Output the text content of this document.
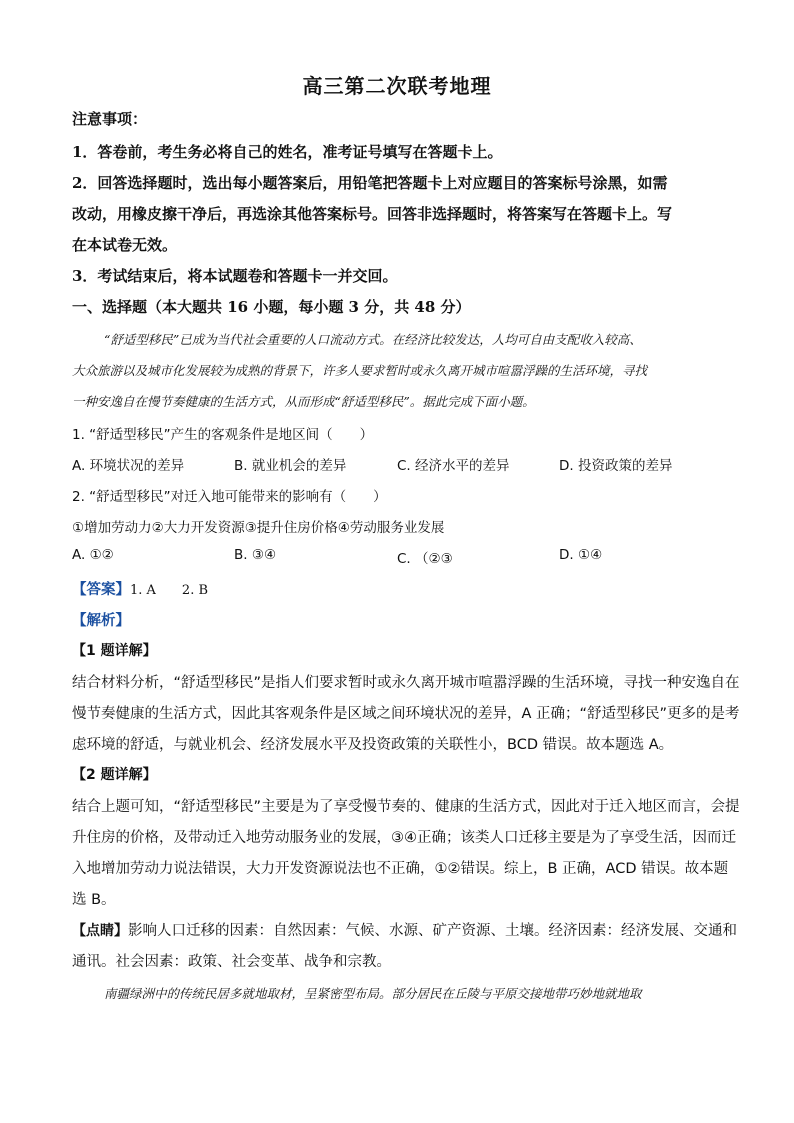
高三第二次联考地理
注意事项：
1．答卷前，考生务必将自己的姓名，准考证号填写在答题卡上。
2．回答选择题时，选出每小题答案后，用铅笔把答题卡上对应题目的答案标号涂黑，如需
改动，用橡皮擦干净后，再选涂其他答案标号。回答非选择题时，将答案写在答题卡上。写
在本试卷无效。
3．考试结束后，将本试题卷和答题卡一并交回。
一、选择题（本大题共 16 小题，每小题 3 分，共 48 分）
“舒适型移民”已成为当代社会重要的人口流动方式。在经济比较发达，人均可自由支配收入较高、
大众旅游以及城市化发展较为成熟的背景下，许多人要求暂时或永久离开城市喧嚣浮躁的生活环境，寻找
一种安逸自在慢节奏健康的生活方式，从而形成“舒适型移民”。据此完成下面小题。
1. “舒适型移民”产生的客观条件是地区间（　　）
A. 环境状况的差异	B. 就业机会的差异	C. 经济水平的差异	D. 投资政策的差异
2. “舒适型移民”对迁入地可能带来的影响有（　　）
①增加劳动力②大力开发资源③提升住房价格④劳动服务业发展
A. ①②	B. ③④	C. （②③	D. ①④
【答案】1. A　　2. B
【解析】
【1 题详解】
结合材料分析，“舒适型移民”是指人们要求暂时或永久离开城市喧嚣浮躁的生活环境，寻找一种安逸自在
慢节奏健康的生活方式，因此其客观条件是区域之间环境状况的差异，A 正确；“舒适型移民”更多的是考
虑环境的舒适，与就业机会、经济发展水平及投资政策的关联性小，BCD 错误。故本题选 A。
【2 题详解】
结合上题可知，“舒适型移民”主要是为了享受慢节奏的、健康的生活方式，因此对于迁入地区而言，会提
升住房的价格，及带动迁入地劳动服务业的发展，③④正确；该类人口迁移主要是为了享受生活，因而迁
入地增加劳动力说法错误，大力开发资源说法也不正确，①②错误。综上，B 正确，ACD 错误。故本题
选 B。
【点睛】影响人口迁移的因素：自然因素：气候、水源、矿产资源、土壤。经济因素：经济发展、交通和
通讯。社会因素：政策、社会变革、战争和宗教。
南疆绿洲中的传统民居多就地取材，呈紧密型布局。部分居民在丘陵与平原交接地带巧妙地就地取
